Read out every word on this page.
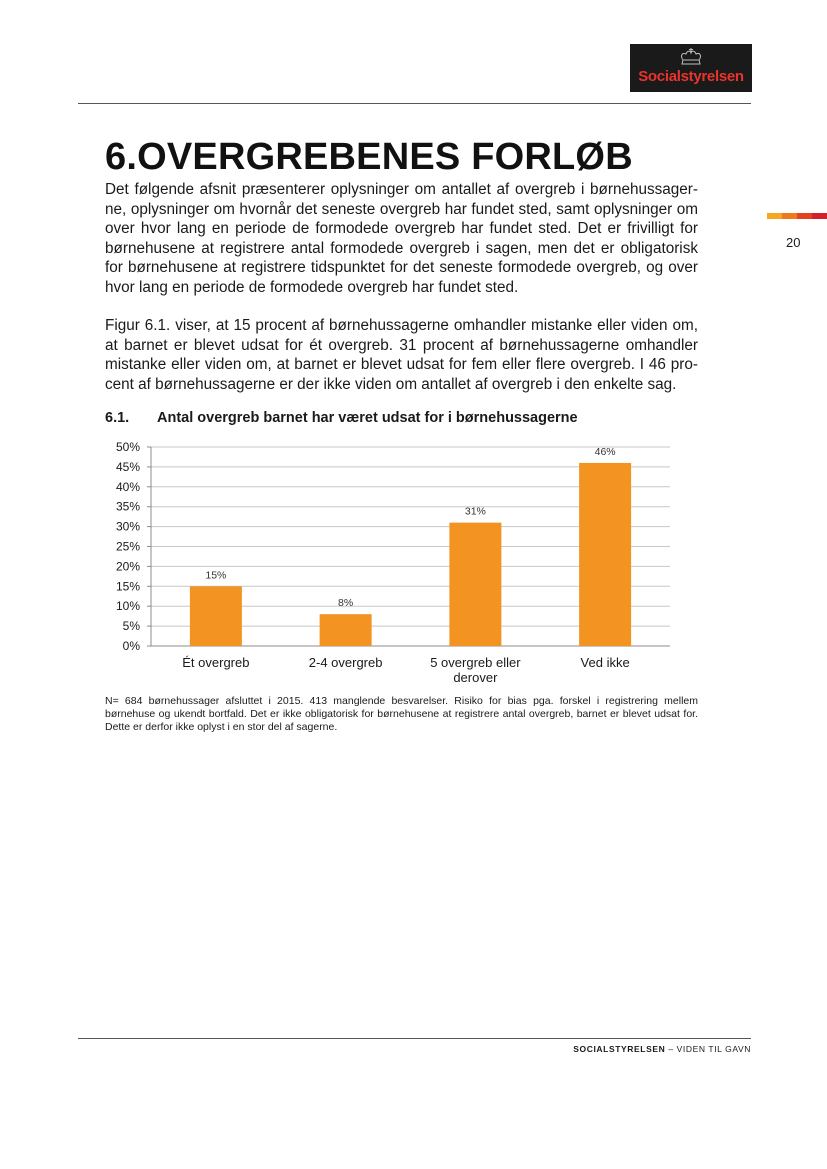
Socialstyrelsen
20
6.OVERGREBENES FORLØB

Det følgende afsnit præsenterer oplysninger om antallet af overgreb i børnehussager-ne, oplysninger om hvornår det seneste overgreb har fundet sted, samt oplysninger om over hvor lang en periode de formodede overgreb har fundet sted. Det er frivilligt for børnehusene at registrere antal formodede overgreb i sagen, men det er obligatorisk for børnehusene at registrere tidspunktet for det seneste formodede overgreb, og over hvor lang en periode de formodede overgreb har fundet sted.

Figur 6.1. viser, at 15 procent af børnehussagerne omhandler mistanke eller viden om, at barnet er blevet udsat for ét overgreb. 31 procent af børnehussagerne omhandler mistanke eller viden om, at barnet er blevet udsat for fem eller flere overgreb. I 46 pro-cent af børnehussagerne er der ikke viden om antallet af overgreb i den enkelte sag.

6.1. Antal overgreb barnet har været udsat for i børnehussagerne
0%
5%
10%
15%
20%
25%
30%
35%
40%
45%
50%
15%
Ét overgreb
8%
2-4 overgreb
31%
5 overgreb eller
derover
46%
Ved ikke

N= 684 børnehussager afsluttet i 2015. 413 manglende besvarelser. Risiko for bias pga. forskel i registrering mellem børnehuse og ukendt bortfald. Det er ikke obligatorisk for børnehusene at registrere antal overgreb, barnet er blevet udsat for. Dette er derfor ikke oplyst i en stor del af sagerne.

SOCIALSTYRELSEN – VIDEN TIL GAVN
